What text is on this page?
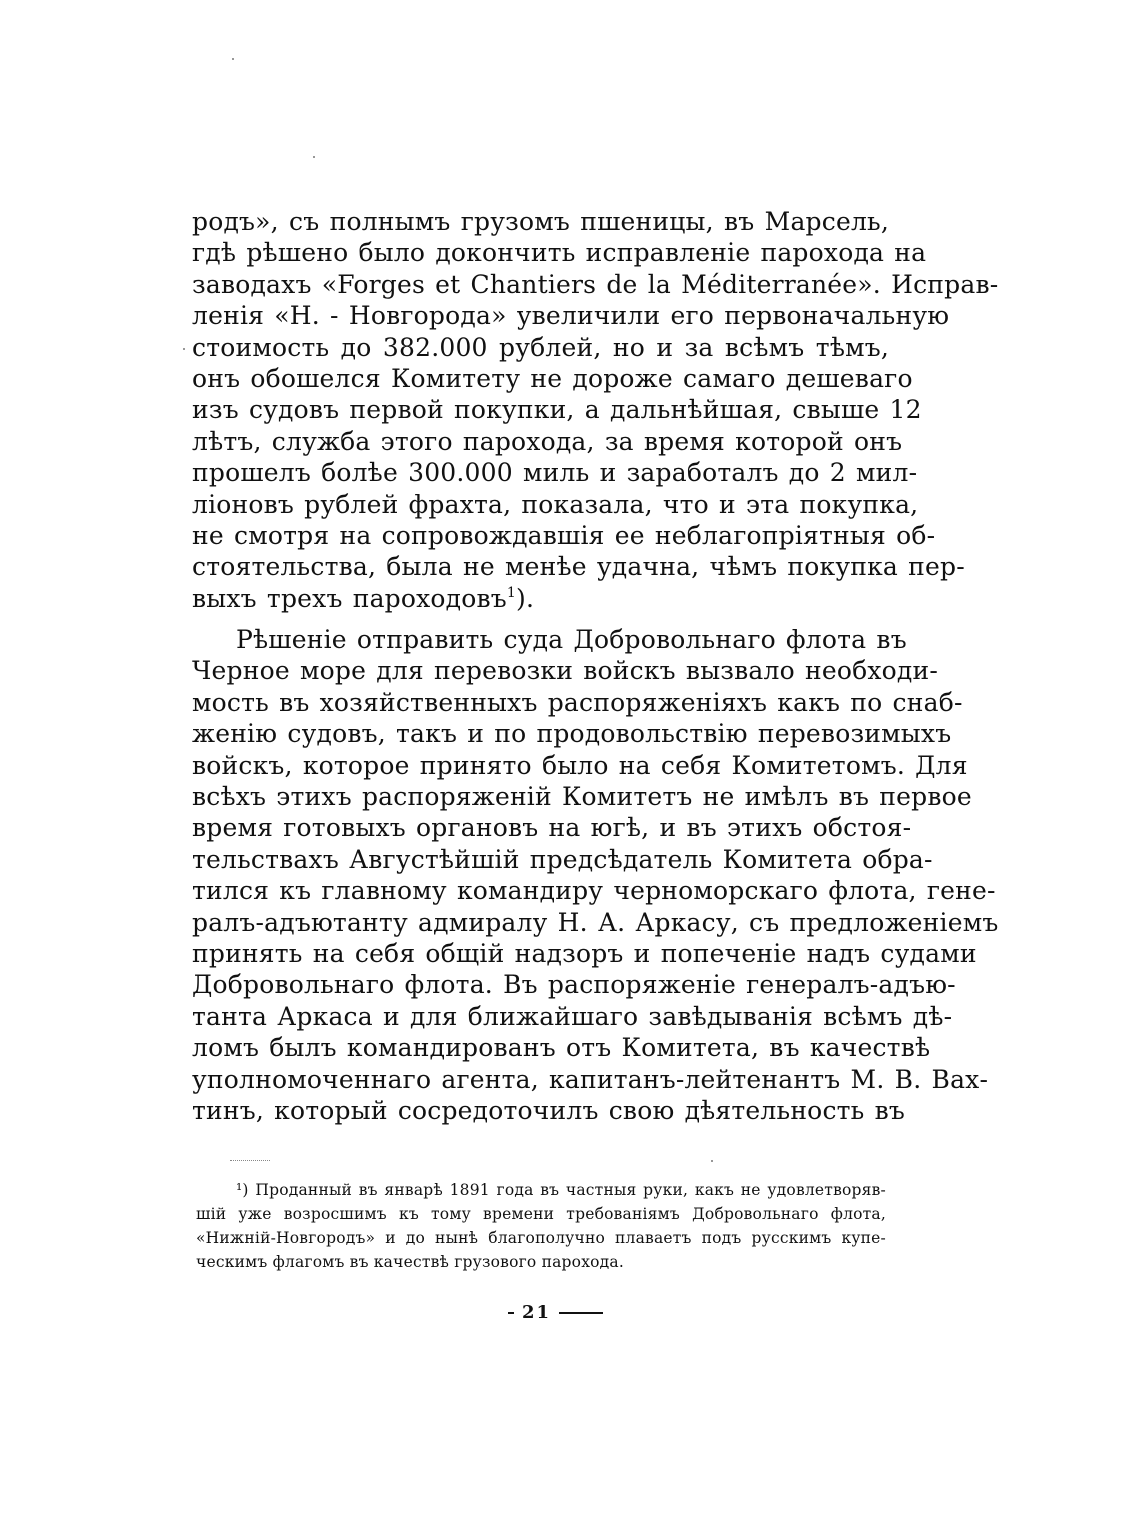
родъ», съ полнымъ грузомъ пшеницы, въ Марсель,
гдѣ рѣшено было докончить исправленіе парохода на
заводахъ «Forges et Chantiers de la Méditerranée». Исправ-
ленія «Н. - Новгорода» увеличили его первоначальную
стоимость до 382.000 рублей, но и за всѣмъ тѣмъ,
онъ обошелся Комитету не дороже самаго дешеваго
изъ судовъ первой покупки, а дальнѣйшая, свыше 12
лѣтъ, служба этого парохода, за время которой онъ
прошелъ болѣе 300.000 миль и заработалъ до 2 мил-
ліоновъ рублей фрахта, показала, что и эта покупка,
не смотря на сопровождавшія ее неблагопріятныя об-
стоятельства, была не менѣе удачна, чѣмъ покупка пер-
выхъ трехъ пароходовъ$^1$).
Рѣшеніе отправить суда Добровольнаго флота въ
Черное море для перевозки войскъ вызвало необходи-
мость въ хозяйственныхъ распоряженіяхъ какъ по снаб-
женію судовъ, такъ и по продовольствію перевозимыхъ
войскъ, которое принято было на себя Комитетомъ. Для
всѣхъ этихъ распоряженій Комитетъ не имѣлъ въ первое
время готовыхъ органовъ на югѣ, и въ этихъ обстоя-
тельствахъ Августѣйшій предсѣдатель Комитета обра-
тился къ главному командиру черноморскаго флота, гене-
ралъ-адъютанту адмиралу Н. А. Аркасу, съ предложеніемъ
принять на себя общій надзоръ и попеченіе надъ судами
Добровольнаго флота. Въ распоряженіе генералъ-адъю-
танта Аркаса и для ближайшаго завѣдыванія всѣмъ дѣ-
ломъ былъ командированъ отъ Комитета, въ качествѣ
уполномоченнаго агента, капитанъ-лейтенантъ М. В. Вах-
тинъ, который сосредоточилъ свою дѣятельность въ
¹) Проданный въ январѣ 1891 года въ частныя руки, какъ не удовлетворяв-
шій уже возросшимъ къ тому времени требованіямъ Добровольнаго флота,
«Нижній-Новгородъ» и до нынѣ благополучно плаваетъ подъ русскимъ купе-
ческимъ флагомъ въ качествѣ грузового парохода.
21
